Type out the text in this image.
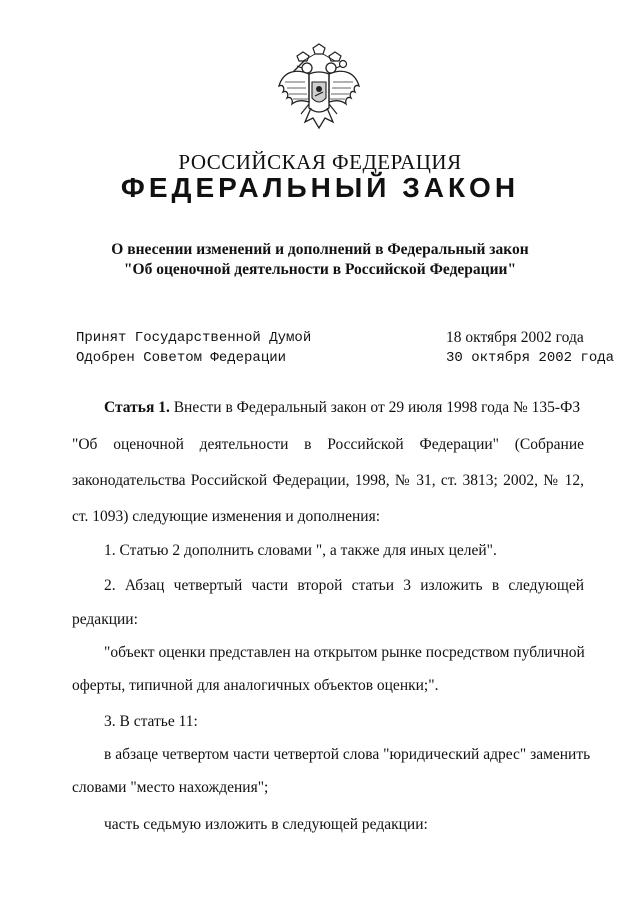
РОССИЙСКАЯ ФЕДЕРАЦИЯ
ФЕДЕРАЛЬНЫЙ ЗАКОН
О внесении изменений и дополнений в Федеральный закон
"Об оценочной деятельности в Российской Федерации"
Принят Государственной Думой	18 октября 2002 года
Одобрен Советом Федерации	30 октября 2002 года
Статья 1. Внести в Федеральный закон от 29 июля 1998 года № 135-ФЗ
"Об оценочной деятельности в Российской Федерации" (Собрание
законодательства Российской Федерации, 1998, № 31, ст. 3813; 2002, № 12,
ст. 1093) следующие изменения и дополнения:
1. Статью 2 дополнить словами ", а также для иных целей".
2. Абзац четвертый части второй статьи 3 изложить в следующей
редакции:
"объект оценки представлен на открытом рынке посредством публичной
оферты, типичной для аналогичных объектов оценки;".
3. В статье 11:
в абзаце четвертом части четвертой слова "юридический адрес" заменить
словами "место нахождения";
часть седьмую изложить в следующей редакции:
